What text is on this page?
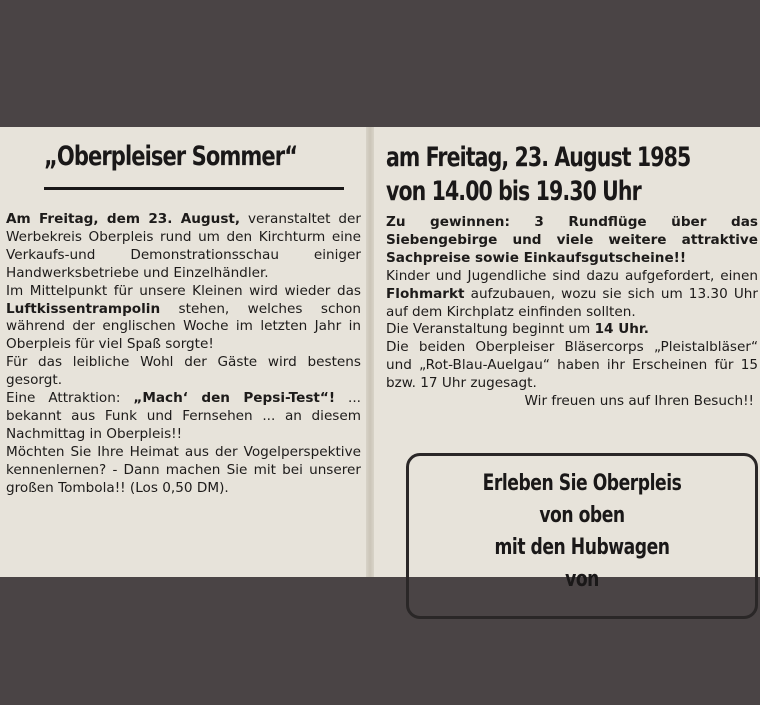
„Oberpleiser Sommer“

Am Freitag, dem 23. August, veranstaltet der Werbekreis Oberpleis rund um den Kirchturm eine Verkaufs-und Demonstrationsschau einiger Handwerksbetriebe und Einzelhändler.

Im Mittelpunkt für unsere Kleinen wird wieder das Luftkissentrampolin stehen, welches schon während der englischen Woche im letzten Jahr in Oberpleis für viel Spaß sorgte!

Für das leibliche Wohl der Gäste wird bestens gesorgt.

Eine Attraktion: „Mach‘ den Pepsi-Test“! ... bekannt aus Funk und Fernsehen ... an diesem Nachmittag in Oberpleis!!

Möchten Sie Ihre Heimat aus der Vogelperspektive kennenlernen? - Dann machen Sie mit bei unserer großen Tombola!! (Los 0,50 DM).

am Freitag, 23. August 1985
von 14.00 bis 19.30 Uhr

Zu gewinnen: 3 Rundflüge über das Siebengebirge und viele weitere attraktive Sachpreise sowie Einkaufsgutscheine!!

Kinder und Jugendliche sind dazu aufgefordert, einen Flohmarkt aufzubauen, wozu sie sich um 13.30 Uhr auf dem Kirchplatz einfinden sollten.

Die Veranstaltung beginnt um 14 Uhr.

Die beiden Oberpleiser Bläsercorps „Pleistalbläser“ und „Rot-Blau-Auelgau“ haben ihr Erscheinen für 15 bzw. 17 Uhr zugesagt.

Wir freuen uns auf Ihren Besuch!!

Erleben Sie Oberpleis
von oben
mit den Hubwagen
von
